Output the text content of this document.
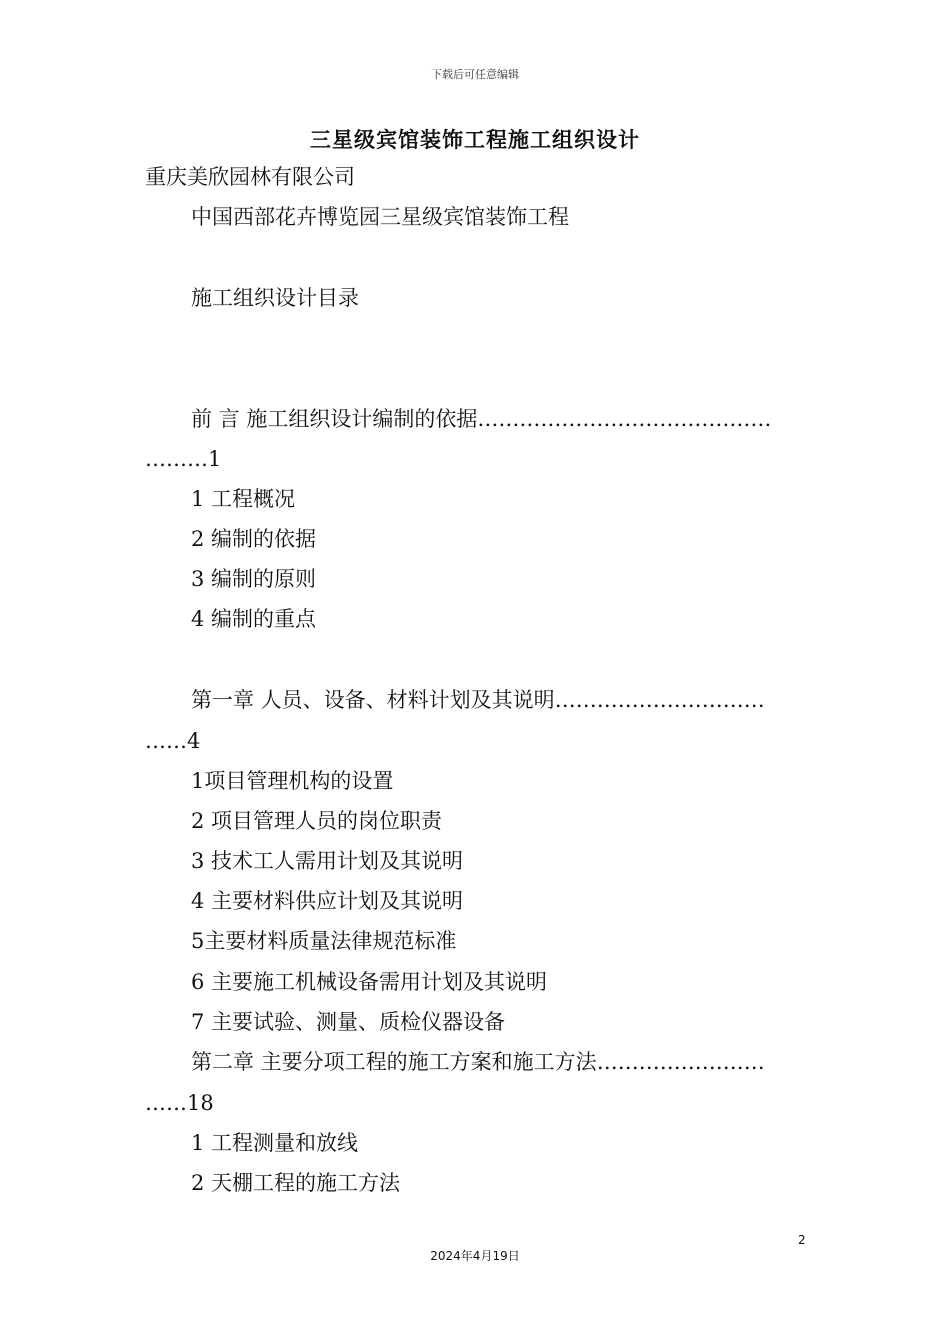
下载后可任意编辑
三星级宾馆装饰工程施工组织设计
重庆美欣园林有限公司
中国西部花卉博览园三星级宾馆装饰工程
施工组织设计目录
前 言 施工组织设计编制的依据……………………………………
………1
1 工程概况
2 编制的依据
3 编制的原则
4 编制的重点
第一章 人员、设备、材料计划及其说明…………………………
……4
1项目管理机构的设置
2 项目管理人员的岗位职责
3 技术工人需用计划及其说明
4 主要材料供应计划及其说明
5主要材料质量法律规范标准
6 主要施工机械设备需用计划及其说明
7 主要试验、测量、质检仪器设备
第二章 主要分项工程的施工方案和施工方法……………………
……18
1 工程测量和放线
2 天棚工程的施工方法
2
2024年4月19日
